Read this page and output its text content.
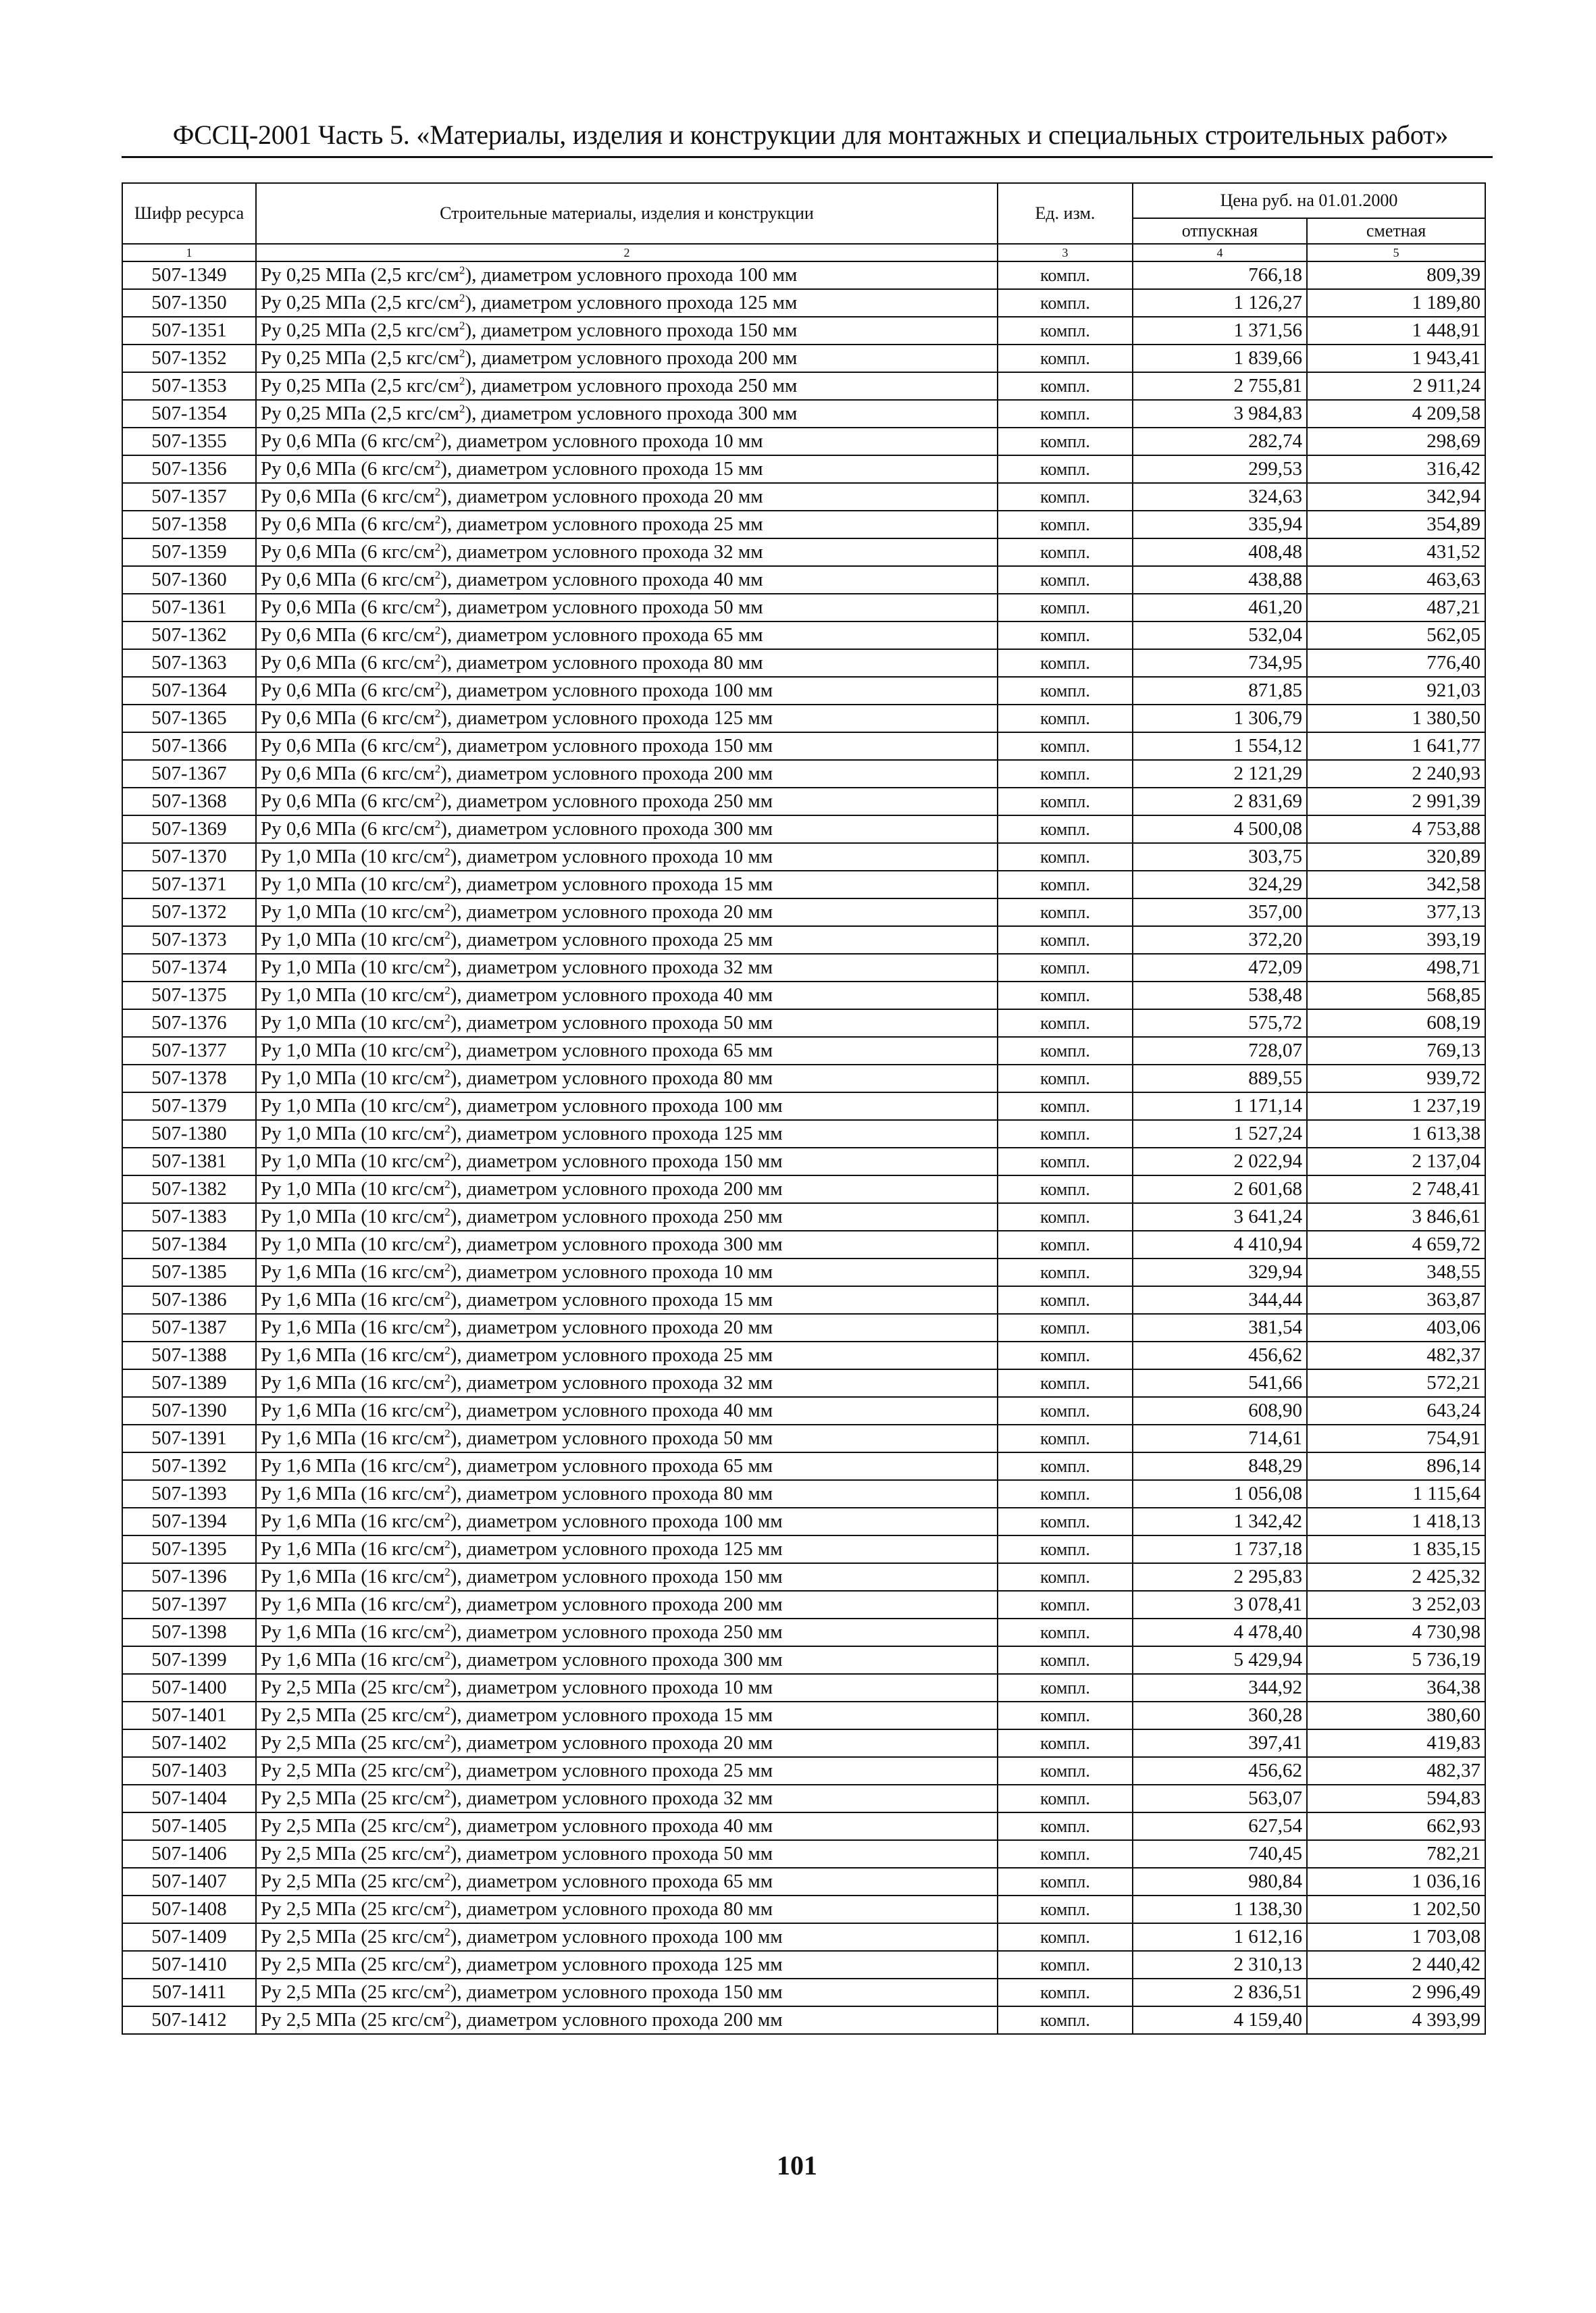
ФССЦ-2001 Часть 5. «Материалы, изделия и конструкции для монтажных и специальных строительных работ»
Шифр ресурса	Строительные материалы, изделия и конструкции	Ед. изм.	Цена руб. на 01.01.2000	
			отпускная	сметная
1	2	3	4	5
507-1349	Ру 0,25 МПа (2,5 кгс/$см^2$), диаметром условного прохода 100 мм	компл.	766,18	809,39
507-1350	Ру 0,25 МПа (2,5 кгс/$см^2$), диаметром условного прохода 125 мм	компл.	1 126,27	1 189,80
507-1351	Ру 0,25 МПа (2,5 кгс/$см^2$), диаметром условного прохода 150 мм	компл.	1 371,56	1 448,91
507-1352	Ру 0,25 МПа (2,5 кгс/$см^2$), диаметром условного прохода 200 мм	компл.	1 839,66	1 943,41
507-1353	Ру 0,25 МПа (2,5 кгс/$см^2$), диаметром условного прохода 250 мм	компл.	2 755,81	2 911,24
507-1354	Ру 0,25 МПа (2,5 кгс/$см^2$), диаметром условного прохода 300 мм	компл.	3 984,83	4 209,58
507-1355	Ру 0,6 МПа (6 кгс/$см^2$), диаметром условного прохода 10 мм	компл.	282,74	298,69
507-1356	Ру 0,6 МПа (6 кгс/$см^2$), диаметром условного прохода 15 мм	компл.	299,53	316,42
507-1357	Ру 0,6 МПа (6 кгс/$см^2$), диаметром условного прохода 20 мм	компл.	324,63	342,94
507-1358	Ру 0,6 МПа (6 кгс/$см^2$), диаметром условного прохода 25 мм	компл.	335,94	354,89
507-1359	Ру 0,6 МПа (6 кгс/$см^2$), диаметром условного прохода 32 мм	компл.	408,48	431,52
507-1360	Ру 0,6 МПа (6 кгс/$см^2$), диаметром условного прохода 40 мм	компл.	438,88	463,63
507-1361	Ру 0,6 МПа (6 кгс/$см^2$), диаметром условного прохода 50 мм	компл.	461,20	487,21
507-1362	Ру 0,6 МПа (6 кгс/$см^2$), диаметром условного прохода 65 мм	компл.	532,04	562,05
507-1363	Ру 0,6 МПа (6 кгс/$см^2$), диаметром условного прохода 80 мм	компл.	734,95	776,40
507-1364	Ру 0,6 МПа (6 кгс/$см^2$), диаметром условного прохода 100 мм	компл.	871,85	921,03
507-1365	Ру 0,6 МПа (6 кгс/$см^2$), диаметром условного прохода 125 мм	компл.	1 306,79	1 380,50
507-1366	Ру 0,6 МПа (6 кгс/$см^2$), диаметром условного прохода 150 мм	компл.	1 554,12	1 641,77
507-1367	Ру 0,6 МПа (6 кгс/$см^2$), диаметром условного прохода 200 мм	компл.	2 121,29	2 240,93
507-1368	Ру 0,6 МПа (6 кгс/$см^2$), диаметром условного прохода 250 мм	компл.	2 831,69	2 991,39
507-1369	Ру 0,6 МПа (6 кгс/$см^2$), диаметром условного прохода 300 мм	компл.	4 500,08	4 753,88
507-1370	Ру 1,0 МПа (10 кгс/$см^2$), диаметром условного прохода 10 мм	компл.	303,75	320,89
507-1371	Ру 1,0 МПа (10 кгс/$см^2$), диаметром условного прохода 15 мм	компл.	324,29	342,58
507-1372	Ру 1,0 МПа (10 кгс/$см^2$), диаметром условного прохода 20 мм	компл.	357,00	377,13
507-1373	Ру 1,0 МПа (10 кгс/$см^2$), диаметром условного прохода 25 мм	компл.	372,20	393,19
507-1374	Ру 1,0 МПа (10 кгс/$см^2$), диаметром условного прохода 32 мм	компл.	472,09	498,71
507-1375	Ру 1,0 МПа (10 кгс/$см^2$), диаметром условного прохода 40 мм	компл.	538,48	568,85
507-1376	Ру 1,0 МПа (10 кгс/$см^2$), диаметром условного прохода 50 мм	компл.	575,72	608,19
507-1377	Ру 1,0 МПа (10 кгс/$см^2$), диаметром условного прохода 65 мм	компл.	728,07	769,13
507-1378	Ру 1,0 МПа (10 кгс/$см^2$), диаметром условного прохода 80 мм	компл.	889,55	939,72
507-1379	Ру 1,0 МПа (10 кгс/$см^2$), диаметром условного прохода 100 мм	компл.	1 171,14	1 237,19
507-1380	Ру 1,0 МПа (10 кгс/$см^2$), диаметром условного прохода 125 мм	компл.	1 527,24	1 613,38
507-1381	Ру 1,0 МПа (10 кгс/$см^2$), диаметром условного прохода 150 мм	компл.	2 022,94	2 137,04
507-1382	Ру 1,0 МПа (10 кгс/$см^2$), диаметром условного прохода 200 мм	компл.	2 601,68	2 748,41
507-1383	Ру 1,0 МПа (10 кгс/$см^2$), диаметром условного прохода 250 мм	компл.	3 641,24	3 846,61
507-1384	Ру 1,0 МПа (10 кгс/$см^2$), диаметром условного прохода 300 мм	компл.	4 410,94	4 659,72
507-1385	Ру 1,6 МПа (16 кгс/$см^2$), диаметром условного прохода 10 мм	компл.	329,94	348,55
507-1386	Ру 1,6 МПа (16 кгс/$см^2$), диаметром условного прохода 15 мм	компл.	344,44	363,87
507-1387	Ру 1,6 МПа (16 кгс/$см^2$), диаметром условного прохода 20 мм	компл.	381,54	403,06
507-1388	Ру 1,6 МПа (16 кгс/$см^2$), диаметром условного прохода 25 мм	компл.	456,62	482,37
507-1389	Ру 1,6 МПа (16 кгс/$см^2$), диаметром условного прохода 32 мм	компл.	541,66	572,21
507-1390	Ру 1,6 МПа (16 кгс/$см^2$), диаметром условного прохода 40 мм	компл.	608,90	643,24
507-1391	Ру 1,6 МПа (16 кгс/$см^2$), диаметром условного прохода 50 мм	компл.	714,61	754,91
507-1392	Ру 1,6 МПа (16 кгс/$см^2$), диаметром условного прохода 65 мм	компл.	848,29	896,14
507-1393	Ру 1,6 МПа (16 кгс/$см^2$), диаметром условного прохода 80 мм	компл.	1 056,08	1 115,64
507-1394	Ру 1,6 МПа (16 кгс/$см^2$), диаметром условного прохода 100 мм	компл.	1 342,42	1 418,13
507-1395	Ру 1,6 МПа (16 кгс/$см^2$), диаметром условного прохода 125 мм	компл.	1 737,18	1 835,15
507-1396	Ру 1,6 МПа (16 кгс/$см^2$), диаметром условного прохода 150 мм	компл.	2 295,83	2 425,32
507-1397	Ру 1,6 МПа (16 кгс/$см^2$), диаметром условного прохода 200 мм	компл.	3 078,41	3 252,03
507-1398	Ру 1,6 МПа (16 кгс/$см^2$), диаметром условного прохода 250 мм	компл.	4 478,40	4 730,98
507-1399	Ру 1,6 МПа (16 кгс/$см^2$), диаметром условного прохода 300 мм	компл.	5 429,94	5 736,19
507-1400	Ру 2,5 МПа (25 кгс/$см^2$), диаметром условного прохода 10 мм	компл.	344,92	364,38
507-1401	Ру 2,5 МПа (25 кгс/$см^2$), диаметром условного прохода 15 мм	компл.	360,28	380,60
507-1402	Ру 2,5 МПа (25 кгс/$см^2$), диаметром условного прохода 20 мм	компл.	397,41	419,83
507-1403	Ру 2,5 МПа (25 кгс/$см^2$), диаметром условного прохода 25 мм	компл.	456,62	482,37
507-1404	Ру 2,5 МПа (25 кгс/$см^2$), диаметром условного прохода 32 мм	компл.	563,07	594,83
507-1405	Ру 2,5 МПа (25 кгс/$см^2$), диаметром условного прохода 40 мм	компл.	627,54	662,93
507-1406	Ру 2,5 МПа (25 кгс/$см^2$), диаметром условного прохода 50 мм	компл.	740,45	782,21
507-1407	Ру 2,5 МПа (25 кгс/$см^2$), диаметром условного прохода 65 мм	компл.	980,84	1 036,16
507-1408	Ру 2,5 МПа (25 кгс/$см^2$), диаметром условного прохода 80 мм	компл.	1 138,30	1 202,50
507-1409	Ру 2,5 МПа (25 кгс/$см^2$), диаметром условного прохода 100 мм	компл.	1 612,16	1 703,08
507-1410	Ру 2,5 МПа (25 кгс/$см^2$), диаметром условного прохода 125 мм	компл.	2 310,13	2 440,42
507-1411	Ру 2,5 МПа (25 кгс/$см^2$), диаметром условного прохода 150 мм	компл.	2 836,51	2 996,49
507-1412	Ру 2,5 МПа (25 кгс/$см^2$), диаметром условного прохода 200 мм	компл.	4 159,40	4 393,99
101
